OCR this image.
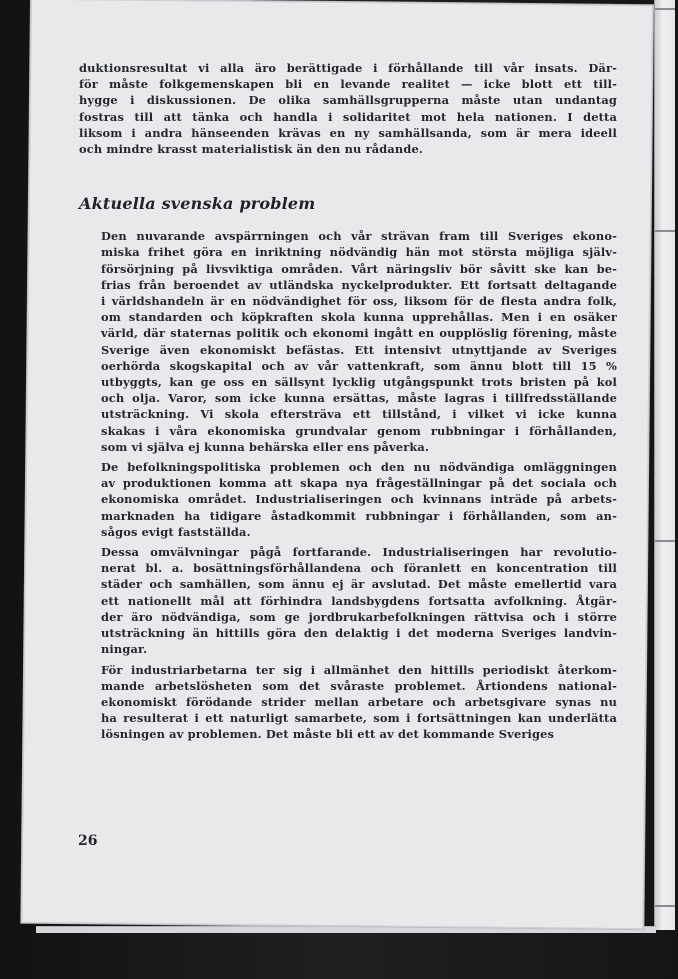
duktionsresultat vi alla äro berättigade i förhållande till vår insats. Där-
för måste folkgemenskapen bli en levande realitet — icke blott ett till-
hygge i diskussionen. De olika samhällsgrupperna måste utan undantag
fostras till att tänka och handla i solidaritet mot hela nationen. I detta
liksom i andra hänseenden krävas en ny samhällsanda, som är mera ideell
och mindre krasst materialistisk än den nu rådande.

Aktuella svenska problem

Den nuvarande avspärrningen och vår strävan fram till Sveriges ekono-
miska frihet göra en inriktning nödvändig hän mot största möjliga själv-
försörjning på livsviktiga områden. Vårt näringsliv bör såvitt ske kan be-
frias från beroendet av utländska nyckelprodukter. Ett fortsatt deltagande
i världshandeln är en nödvändighet för oss, liksom för de flesta andra folk,
om standarden och köpkraften skola kunna upprehållas. Men i en osäker
värld, där staternas politik och ekonomi ingått en oupplöslig förening, måste
Sverige även ekonomiskt befästas. Ett intensivt utnyttjande av Sveriges
oerhörda skogskapital och av vår vattenkraft, som ännu blott till 15 %
utbyggts, kan ge oss en sällsynt lycklig utgångspunkt trots bristen på kol
och olja. Varor, som icke kunna ersättas, måste lagras i tillfredsställande
utsträckning. Vi skola eftersträva ett tillstånd, i vilket vi icke kunna
skakas i våra ekonomiska grundvalar genom rubbningar i förhållanden,
som vi själva ej kunna behärska eller ens påverka.

De befolkningspolitiska problemen och den nu nödvändiga omläggningen
av produktionen komma att skapa nya frågeställningar på det sociala och
ekonomiska området. Industrialiseringen och kvinnans inträde på arbets-
marknaden ha tidigare åstadkommit rubbningar i förhållanden, som an-
sågos evigt fastställda.

Dessa omvälvningar pågå fortfarande. Industrialiseringen har revolutio-
nerat bl. a. bosättningsförhållandena och föranlett en koncentration till
städer och samhällen, som ännu ej är avslutad. Det måste emellertid vara
ett nationellt mål att förhindra landsbygdens fortsatta avfolkning. Åtgär-
der äro nödvändiga, som ge jordbrukarbefolkningen rättvisa och i större
utsträckning än hittills göra den delaktig i det moderna Sveriges landvin-
ningar.

För industriarbetarna ter sig i allmänhet den hittills periodiskt återkom-
mande arbetslösheten som det svåraste problemet. Årtiondens national-
ekonomiskt förödande strider mellan arbetare och arbetsgivare synas nu
ha resulterat i ett naturligt samarbete, som i fortsättningen kan underlätta
lösningen av problemen. Det måste bli ett av det kommande Sveriges

26
